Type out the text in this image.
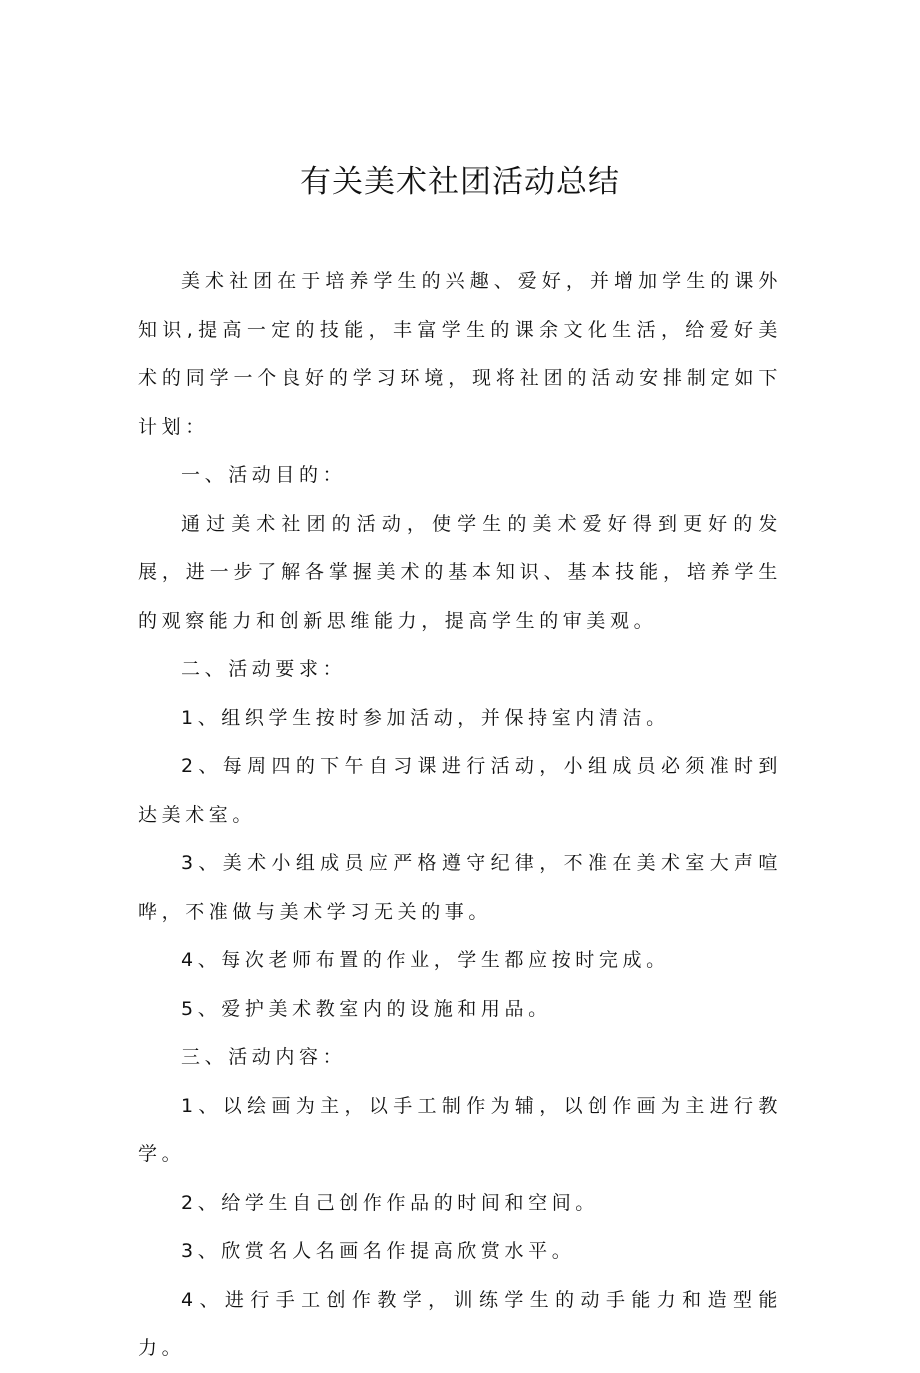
有关美术社团活动总结

美术社团在于培养学生的兴趣、爱好，并增加学生的课外知识,提高一定的技能，丰富学生的课余文化生活，给爱好美术的同学一个良好的学习环境，现将社团的活动安排制定如下计划：

一、活动目的：

通过美术社团的活动，使学生的美术爱好得到更好的发展，进一步了解各掌握美术的基本知识、基本技能，培养学生的观察能力和创新思维能力，提高学生的审美观。

二、活动要求：

1、组织学生按时参加活动，并保持室内清洁。

2、每周四的下午自习课进行活动，小组成员必须准时到达美术室。

3、美术小组成员应严格遵守纪律，不准在美术室大声喧哗，不准做与美术学习无关的事。

4、每次老师布置的作业，学生都应按时完成。

5、爱护美术教室内的设施和用品。

三、活动内容：

1、以绘画为主，以手工制作为辅，以创作画为主进行教学。

2、给学生自己创作作品的时间和空间。

3、欣赏名人名画名作提高欣赏水平。

4、进行手工创作教学，训练学生的动手能力和造型能力。
